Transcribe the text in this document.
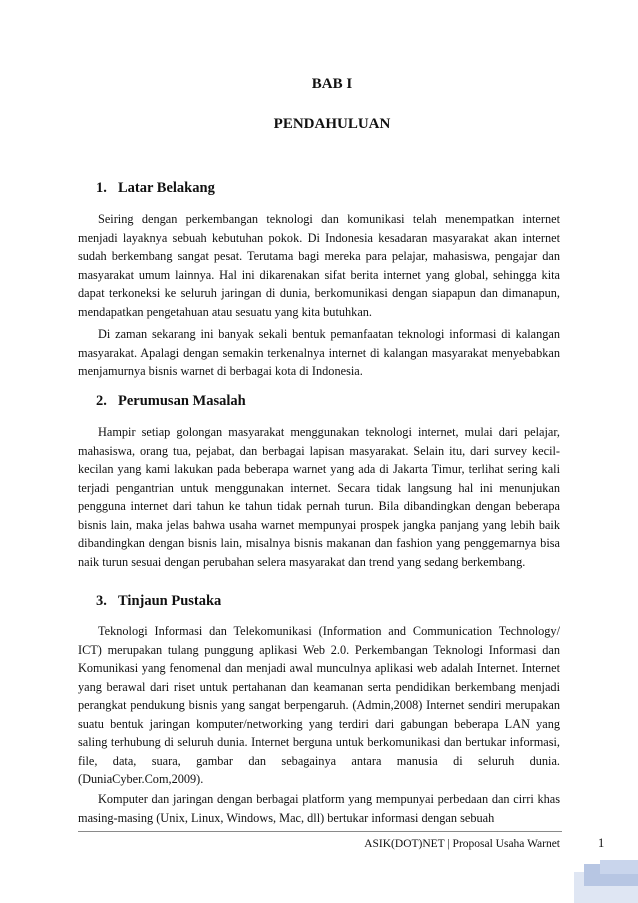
BAB I
PENDAHULUAN
1. Latar Belakang

Seiring dengan perkembangan teknologi dan komunikasi telah menempatkan internet menjadi layaknya sebuah kebutuhan pokok. Di Indonesia kesadaran masyarakat akan internet sudah berkembang sangat pesat. Terutama bagi mereka para pelajar, mahasiswa, pengajar dan masyarakat umum lainnya. Hal ini dikarenakan sifat berita internet yang global, sehingga kita dapat terkoneksi ke seluruh jaringan di dunia, berkomunikasi dengan siapapun dan dimanapun, mendapatkan pengetahuan atau sesuatu yang kita butuhkan.

Di zaman sekarang ini banyak sekali bentuk pemanfaatan teknologi informasi di kalangan masyarakat. Apalagi dengan semakin terkenalnya internet di kalangan masyarakat menyebabkan menjamurnya bisnis warnet di berbagai kota di Indonesia.

2. Perumusan Masalah

Hampir setiap golongan masyarakat menggunakan teknologi internet, mulai dari pelajar, mahasiswa, orang tua, pejabat, dan berbagai lapisan masyarakat. Selain itu, dari survey kecil-kecilan yang kami lakukan pada beberapa warnet yang ada di Jakarta Timur, terlihat sering kali terjadi pengantrian untuk menggunakan internet. Secara tidak langsung hal ini menunjukan pengguna internet dari tahun ke tahun tidak pernah turun. Bila dibandingkan dengan beberapa bisnis lain, maka jelas bahwa usaha warnet mempunyai prospek jangka panjang yang lebih baik dibandingkan dengan bisnis lain, misalnya bisnis makanan dan fashion yang penggemarnya bisa naik turun sesuai dengan perubahan selera masyarakat dan trend yang sedang berkembang.

3. Tinjaun Pustaka

Teknologi Informasi dan Telekomunikasi (Information and Communication Technology/ ICT) merupakan tulang punggung aplikasi Web 2.0. Perkembangan Teknologi Informasi dan Komunikasi yang fenomenal dan menjadi awal munculnya aplikasi web adalah Internet. Internet yang berawal dari riset untuk pertahanan dan keamanan serta pendidikan berkembang menjadi perangkat pendukung bisnis yang sangat berpengaruh. (Admin,2008) Internet sendiri merupakan suatu bentuk jaringan komputer/networking yang terdiri dari gabungan beberapa LAN yang saling terhubung di seluruh dunia. Internet berguna untuk berkomunikasi dan bertukar informasi, file, data, suara, gambar dan sebagainya antara manusia di seluruh dunia.(DuniaCyber.Com,2009).

Komputer dan jaringan dengan berbagai platform yang mempunyai perbedaan dan cirri khas masing-masing (Unix, Linux, Windows, Mac, dll) bertukar informasi dengan sebuah

ASIK(DOT)NET | Proposal Usaha Warnet	1
